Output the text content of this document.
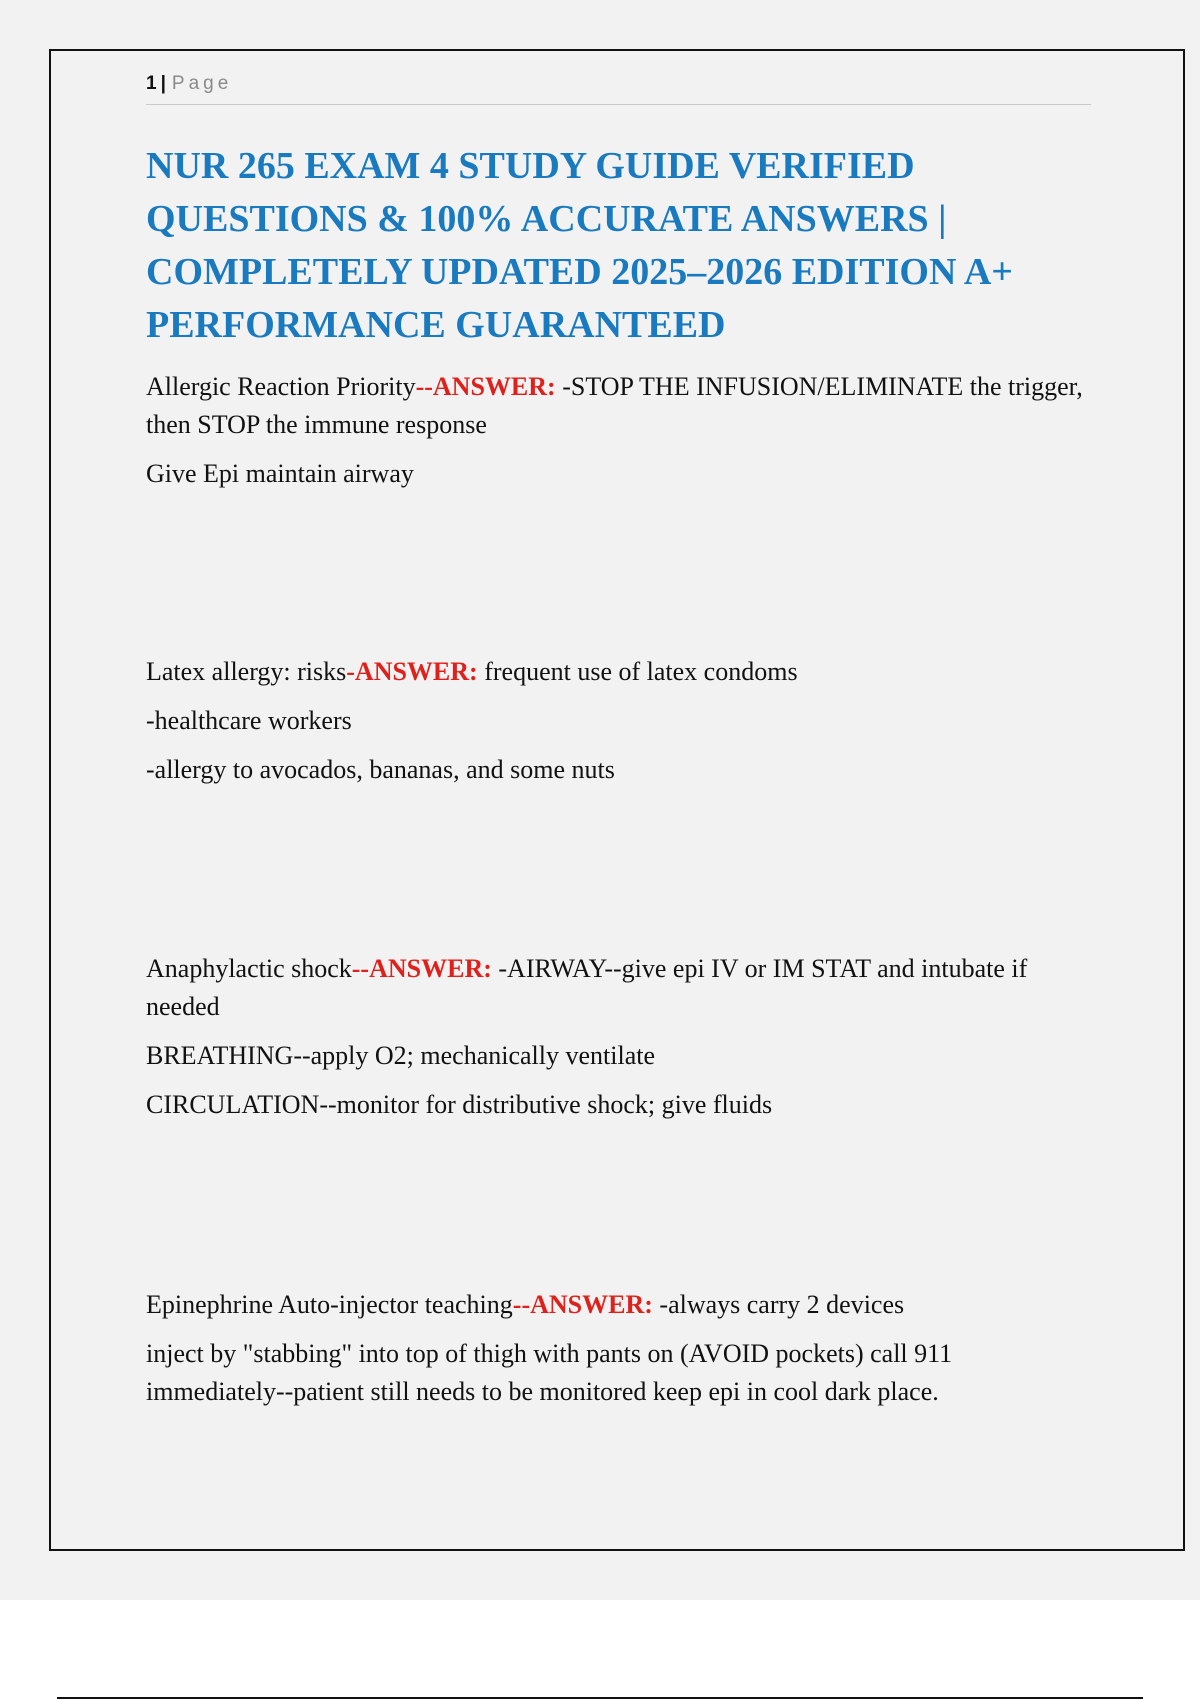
1 | Page
NUR 265 EXAM 4 STUDY GUIDE VERIFIED QUESTIONS & 100% ACCURATE ANSWERS | COMPLETELY UPDATED 2025–2026 EDITION A+ PERFORMANCE GUARANTEED

Allergic Reaction Priority--ANSWER: -STOP THE INFUSION/ELIMINATE the trigger, then STOP the immune response

Give Epi maintain airway

Latex allergy: risks-ANSWER: frequent use of latex condoms

-healthcare workers

-allergy to avocados, bananas, and some nuts

Anaphylactic shock--ANSWER: -AIRWAY--give epi IV or IM STAT and intubate if needed

BREATHING--apply O2; mechanically ventilate

CIRCULATION--monitor for distributive shock; give fluids

Epinephrine Auto-injector teaching--ANSWER: -always carry 2 devices

inject by "stabbing" into top of thigh with pants on (AVOID pockets) call 911 immediately--patient still needs to be monitored keep epi in cool dark place.
